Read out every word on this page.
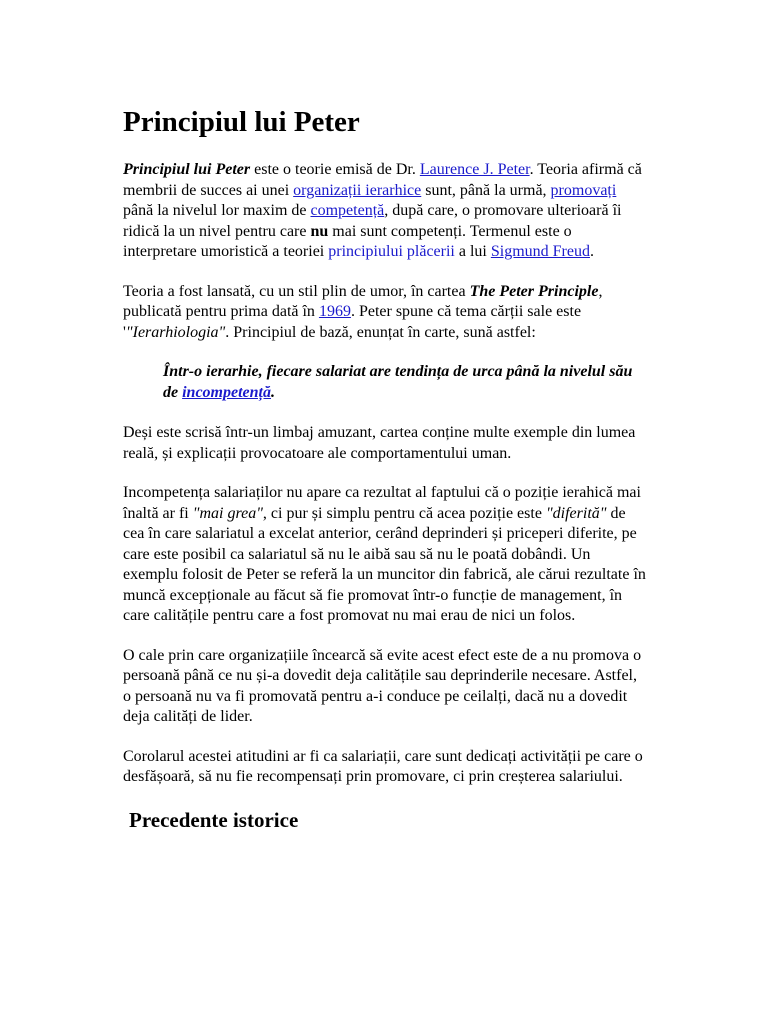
Principiul lui Peter

Principiul lui Peter este o teorie emisă de Dr. Laurence J. Peter. Teoria afirmă că membrii de succes ai unei organizații ierarhice sunt, până la urmă, promovați până la nivelul lor maxim de competență, după care, o promovare ulterioară îi ridică la un nivel pentru care nu mai sunt competenți. Termenul este o interpretare umoristică a teoriei principiului plăcerii a lui Sigmund Freud.

Teoria a fost lansată, cu un stil plin de umor, în cartea The Peter Principle, publicată pentru prima dată în 1969. Peter spune că tema cărții sale este '"Ierarhiologia". Principiul de bază, enunțat în carte, sună astfel:

Într-o ierarhie, fiecare salariat are tendința de urca până la nivelul său de incompetență.

Deși este scrisă într-un limbaj amuzant, cartea conține multe exemple din lumea reală, și explicații provocatoare ale comportamentului uman.

Incompetența salariaților nu apare ca rezultat al faptului că o poziție ierahică mai înaltă ar fi "mai grea", ci pur și simplu pentru că acea poziție este "diferită" de cea în care salariatul a excelat anterior, cerând deprinderi și priceperi diferite, pe care este posibil ca salariatul să nu le aibă sau să nu le poată dobândi. Un exemplu folosit de Peter se referă la un muncitor din fabrică, ale cărui rezultate în muncă excepționale au făcut să fie promovat într-o funcție de management, în care calitățile pentru care a fost promovat nu mai erau de nici un folos.

O cale prin care organizațiile încearcă să evite acest efect este de a nu promova o persoană până ce nu și-a dovedit deja calitățile sau deprinderile necesare. Astfel, o persoană nu va fi promovată pentru a-i conduce pe ceilalți, dacă nu a dovedit deja calități de lider.

Corolarul acestei atitudini ar fi ca salariații, care sunt dedicați activității pe care o desfășoară, să nu fie recompensați prin promovare, ci prin creșterea salariului.

Precedente istorice
